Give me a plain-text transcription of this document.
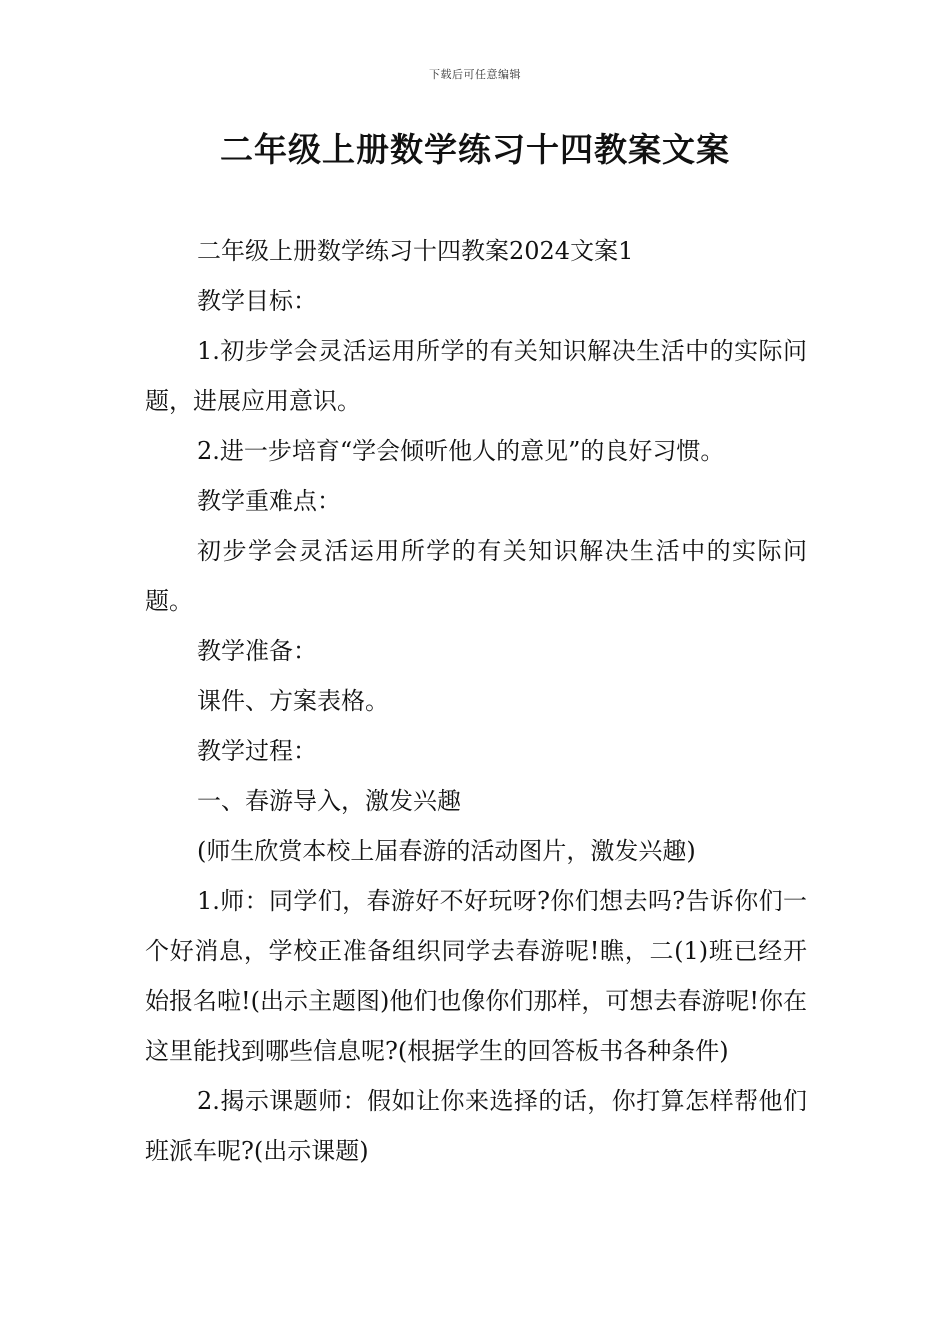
下载后可任意编辑
二年级上册数学练习十四教案文案

二年级上册数学练习十四教案2024文案1

教学目标：

1.初步学会灵活运用所学的有关知识解决生活中的实际问题，进展应用意识。

2.进一步培育“学会倾听他人的意见”的良好习惯。

教学重难点：

初步学会灵活运用所学的有关知识解决生活中的实际问题。

教学准备：

课件、方案表格。

教学过程：

一、春游导入，激发兴趣

(师生欣赏本校上届春游的活动图片，激发兴趣)

1.师：同学们，春游好不好玩呀?你们想去吗?告诉你们一个好消息，学校正准备组织同学去春游呢!瞧，二(1)班已经开始报名啦!(出示主题图)他们也像你们那样，可想去春游呢!你在这里能找到哪些信息呢?(根据学生的回答板书各种条件)

2.揭示课题师：假如让你来选择的话，你打算怎样帮他们班派车呢?(出示课题)
